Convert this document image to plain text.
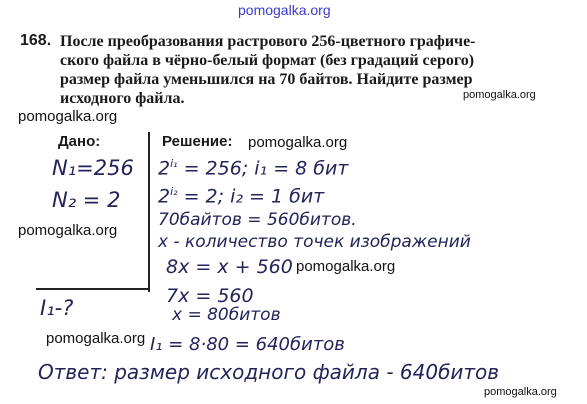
pomogalka.org
pomogalka.org
pomogalka.org
pomogalka.org
pomogalka.org
pomogalka.org
pomogalka.org
pomogalka.org
168. После преобразования растрового 256-цветного графиче-
ского файла в чёрно-белый формат (без градаций серого)
размер файла уменьшился на 70 байтов. Найдите размер
исходного файла.
Дано:	Решение:
N₁=256
N₂ = 2
I₁-?
$2^{i_1} = 256$; i₁ = 8 бит
$2^{i_2} = 2$; i₂ = 1 бит
70байтов = 560битов.
x - количество точек изображений
8x = x + 560
7x = 560
x = 80битов
I₁ = 8·80 = 640битов
Ответ: размер исходного файла - 640битов
